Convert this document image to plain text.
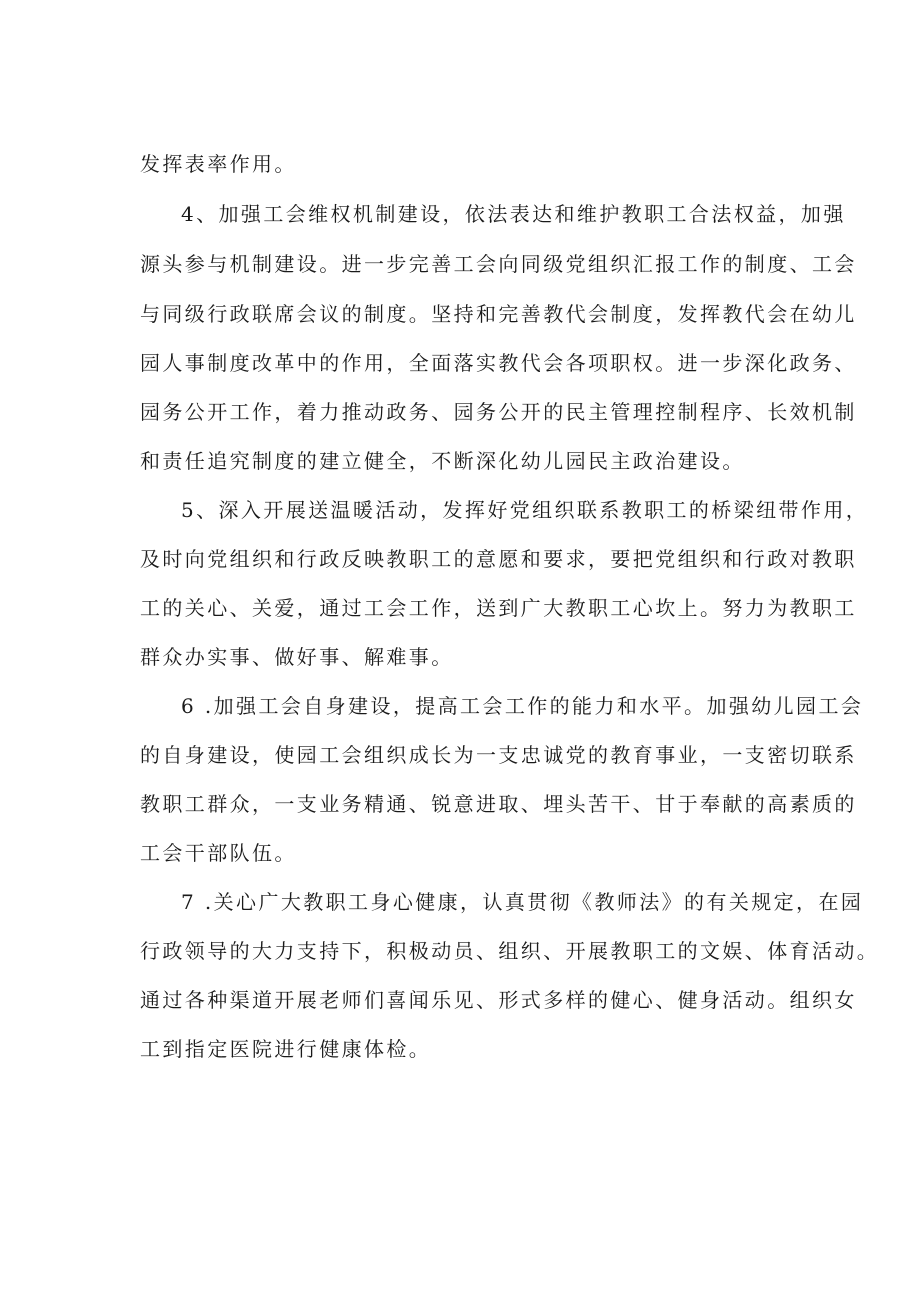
发挥表率作用。
4、加强工会维权机制建设，依法表达和维护教职工合法权益，加强
源头参与机制建设。进一步完善工会向同级党组织汇报工作的制度、工会
与同级行政联席会议的制度。坚持和完善教代会制度，发挥教代会在幼儿
园人事制度改革中的作用，全面落实教代会各项职权。进一步深化政务、
园务公开工作，着力推动政务、园务公开的民主管理控制程序、长效机制
和责任追究制度的建立健全，不断深化幼儿园民主政治建设。
5、深入开展送温暖活动，发挥好党组织联系教职工的桥梁纽带作用，
及时向党组织和行政反映教职工的意愿和要求，要把党组织和行政对教职
工的关心、关爱，通过工会工作，送到广大教职工心坎上。努力为教职工
群众办实事、做好事、解难事。
6 .加强工会自身建设，提高工会工作的能力和水平。加强幼儿园工会
的自身建设，使园工会组织成长为一支忠诚党的教育事业，一支密切联系
教职工群众，一支业务精通、锐意进取、埋头苦干、甘于奉献的高素质的
工会干部队伍。
7 .关心广大教职工身心健康，认真贯彻《教师法》的有关规定，在园
行政领导的大力支持下，积极动员、组织、开展教职工的文娱、体育活动。
通过各种渠道开展老师们喜闻乐见、形式多样的健心、健身活动。组织女
工到指定医院进行健康体检。
